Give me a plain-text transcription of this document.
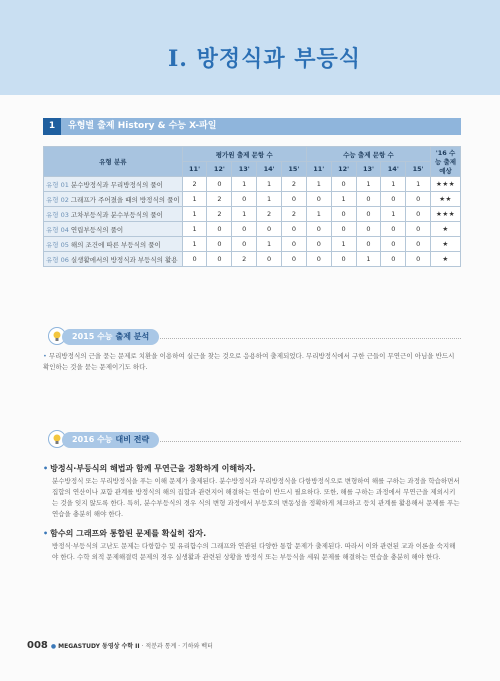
I. 방정식과 부등식
1	유형별 출제 History & 수능 X-파일
유형 분류	평가원 출제 문항 수					수능 출제 문항 수					'16 수능 출제예상
	11'	12'	13'	14'	15'	11'	12'	13'	14'	15'	
유형 01 분수방정식과 무리방정식의 풀이	2	0	1	1	2	1	0	1	1	1	★★★
유형 02 그래프가 주어졌을 때의 방정식의 풀이	1	2	0	1	0	0	1	0	0	0	★★
유형 03 고차부등식과 분수부등식의 풀이	1	2	1	2	2	1	0	0	1	0	★★★
유형 04 연립부등식의 풀이	1	0	0	0	0	0	0	0	0	0	★
유형 05 해의 조건에 따른 부등식의 풀이	1	0	0	1	0	0	1	0	0	0	★
유형 06 실생활에서의 방정식과 부등식의 활용	0	0	2	0	0	0	0	1	0	0	★
2015 수능 출제 분석
• 무리방정식의 근을 묻는 문제로 치환을 이용하여 실근을 찾는 것으로 응용하여 출제되었다. 무리방정식에서 구한 근들이 무연근이 아님을 반드시 확인하는 것을 묻는 문제이기도 하다.
2016 수능 대비 전략
• 방정식·부등식의 해법과 함께 무연근을 정확하게 이해하자.
분수방정식 또는 무리방정식을 푸는 이해 문제가 출제된다. 분수방정식과 무리방정식을 다항방정식으로 변형하여 해를 구하는 과정을 학습하면서 집합의 연산이나 포함 관계를 방정식의 해의 집합과 관련지어 해결하는 연습이 반드시 필요하다. 또한, 해를 구하는 과정에서 무연근을 제외시키는 것을 잊지 않도록 한다. 특히, 분수부등식의 경우 식의 변형 과정에서 부등호의 변동성을 정확하게 체크하고 등치 관계를 활용해서 문제를 푸는 연습을 충분히 해야 한다.
• 함수의 그래프와 통합된 문제를 확실히 잡자.
방정식·부등식의 고난도 문제는 다항함수 및 유리함수의 그래프와 연관된 다양한 통합 문제가 출제된다. 따라서 이와 관련된 교과 이론을 숙지해야 한다. 수학 외적 문제해결력 문제의 경우 실생활과 관련된 상황을 방정식 또는 부등식을 세워 문제를 해결하는 연습을 충분히 해야 한다.
008 ● MEGASTUDY 동영상 수학 II · 적분과 통계 · 기하와 벡터
